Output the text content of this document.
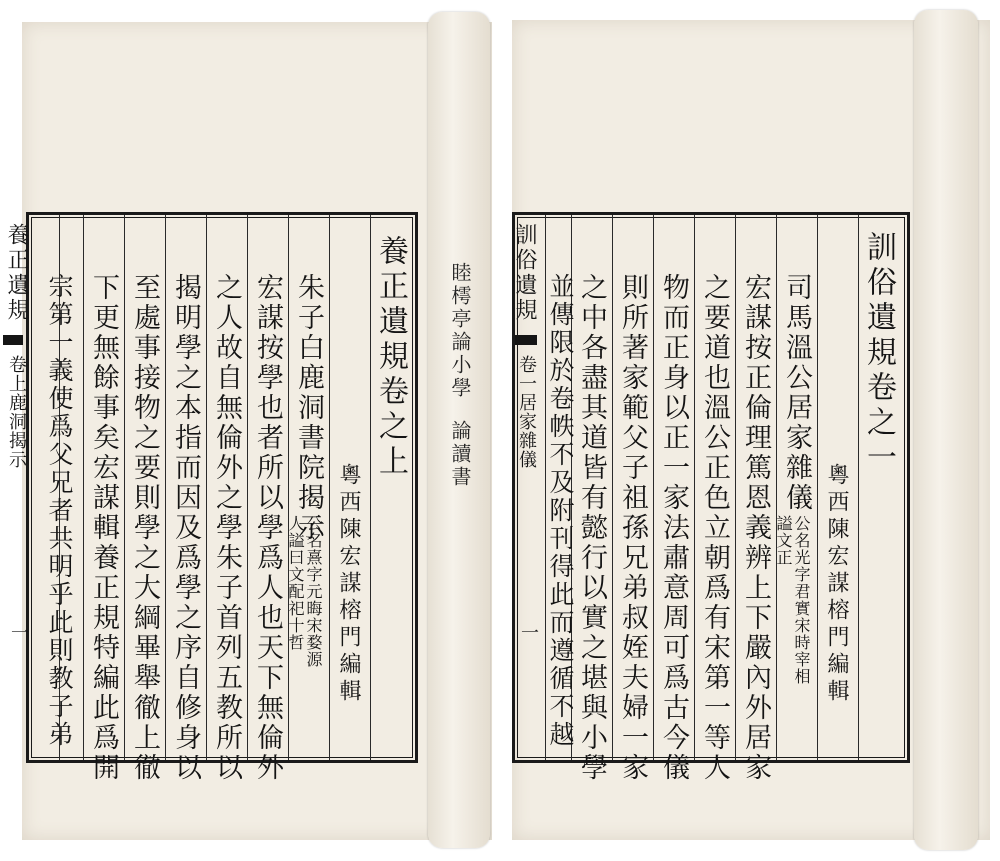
睦樗亭論小學
論讀書
養正遺規卷之上
粵西陳宏謀榕門編輯
朱子白鹿洞書院揭示
公名熹字元晦宋婺源
人謚曰文配祀十哲
宏謀按學也者所以學爲人也天下無倫外
之人故自無倫外之學朱子首列五教所以
揭明學之本指而因及爲學之序自修身以
至處事接物之要則學之大綱畢舉徹上徹
下更無餘事矣宏謀輯養正規特編此爲開
宗第一義使爲父兄者共明乎此則教子弟
養正遺規
卷上鹿洞揭示
一
訓俗遺規卷之一
粵西陳宏謀榕門編輯
司馬溫公居家雜儀
公名光字君實宋時宰相
謚文正
宏謀按正倫理篤恩義辨上下嚴內外居家
之要道也溫公正色立朝爲有宋第一等人
物而正身以正一家法肅意周可爲古今儀
則所著家範父子祖孫兄弟叔姪夫婦一家
之中各盡其道皆有懿行以實之堪與小學
並傳限於卷帙不及附刊得此而遵循不越
訓俗遺規
卷一居家雜儀
一
